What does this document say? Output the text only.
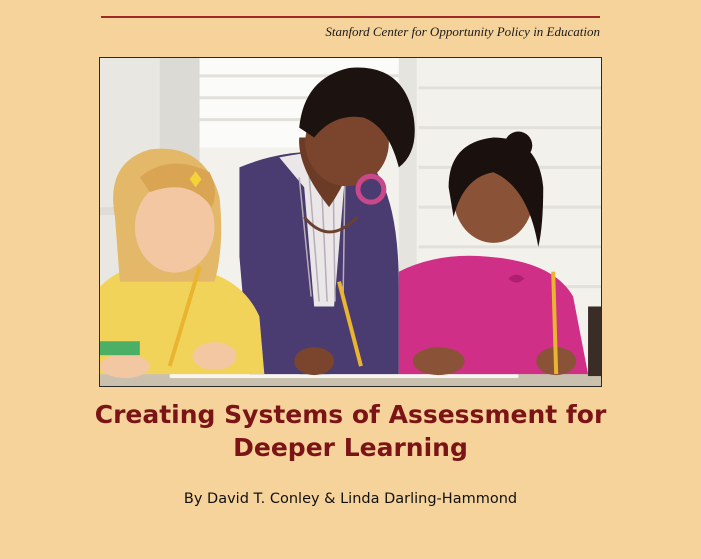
Stanford Center for Opportunity Policy in Education
Creating Systems of Assessment for
Deeper Learning
By David T. Conley & Linda Darling-Hammond
